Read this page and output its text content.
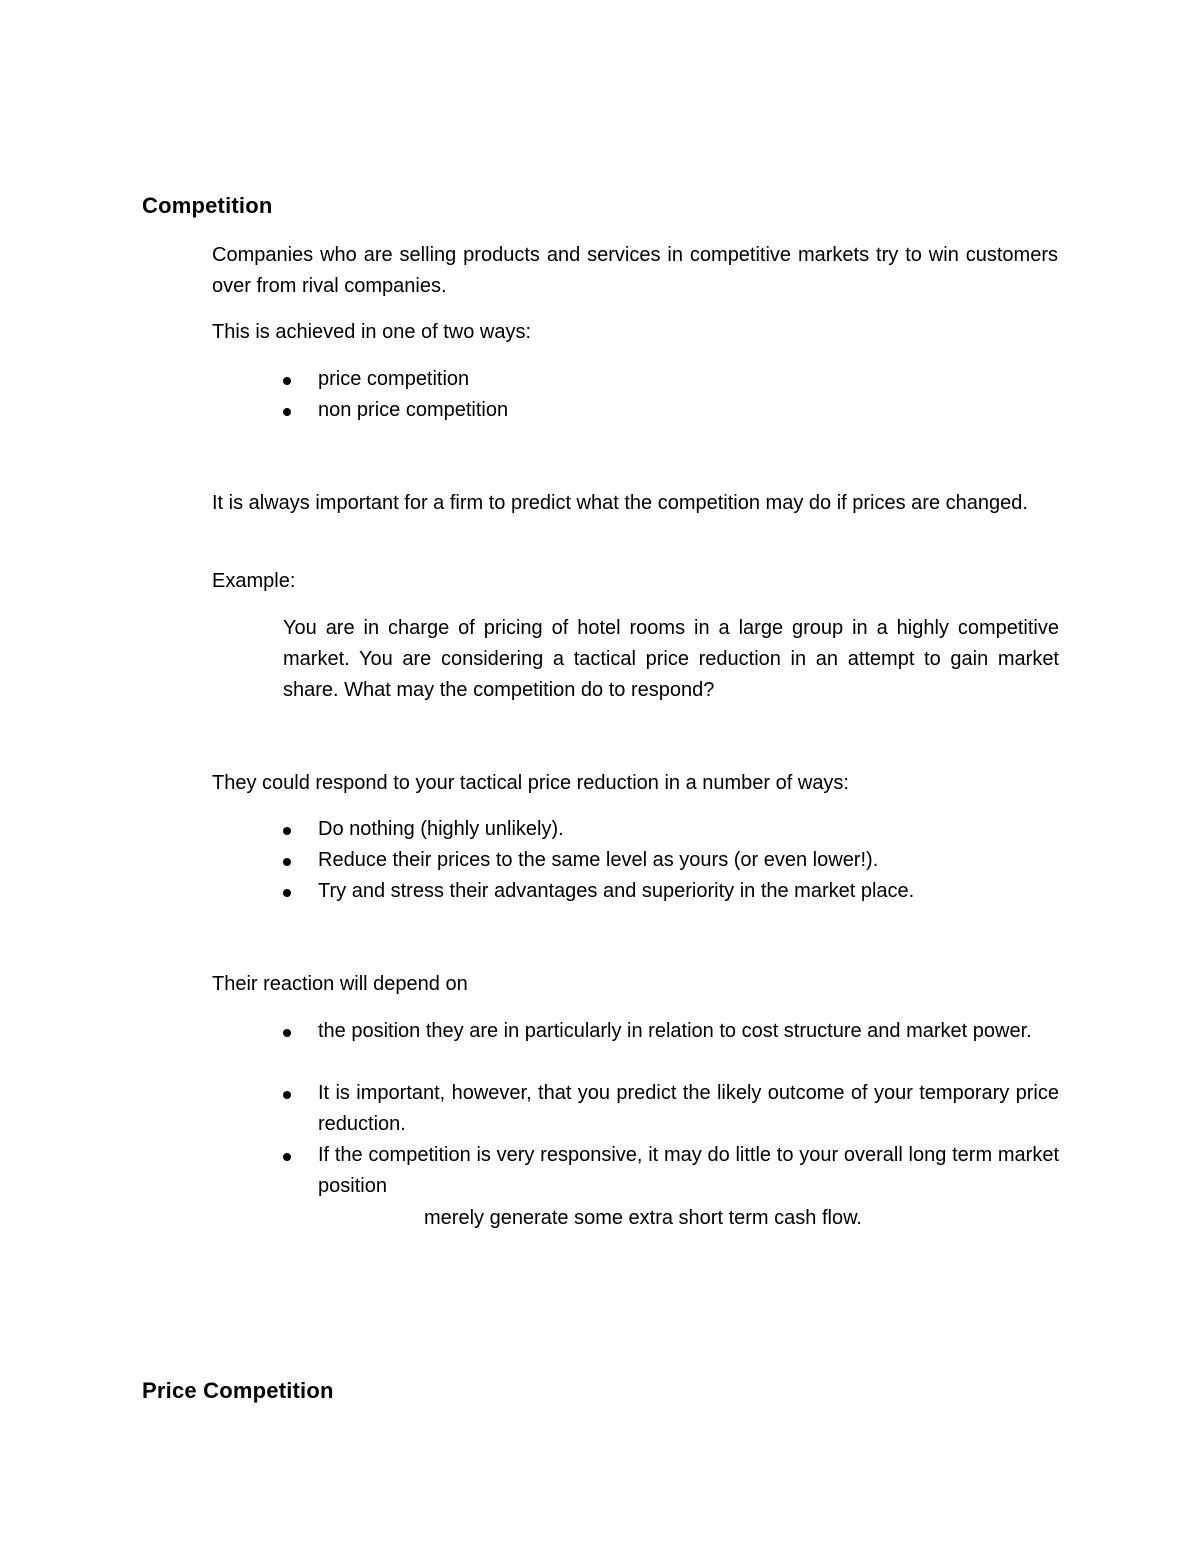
Competition

Companies who are selling products and services in competitive markets try to win customers over from rival companies.

This is achieved in one of two ways:

price competition

non price competition

It is always important for a firm to predict what the competition may do if prices are changed.

Example:

You are in charge of pricing of hotel rooms in a large group in a highly competitive market. You are considering a tactical price reduction in an attempt to gain market share. What may the competition do to respond?

They could respond to your tactical price reduction in a number of ways:

Do nothing (highly unlikely).

Reduce their prices to the same level as yours (or even lower!).

Try and stress their advantages and superiority in the market place.

Their reaction will depend on

the position they are in particularly in relation to cost structure and market power.

It is important, however, that you predict the likely outcome of your temporary price reduction.

If the competition is very responsive, it may do little to your overall long term market position

merely generate some extra short term cash flow.

Price Competition
